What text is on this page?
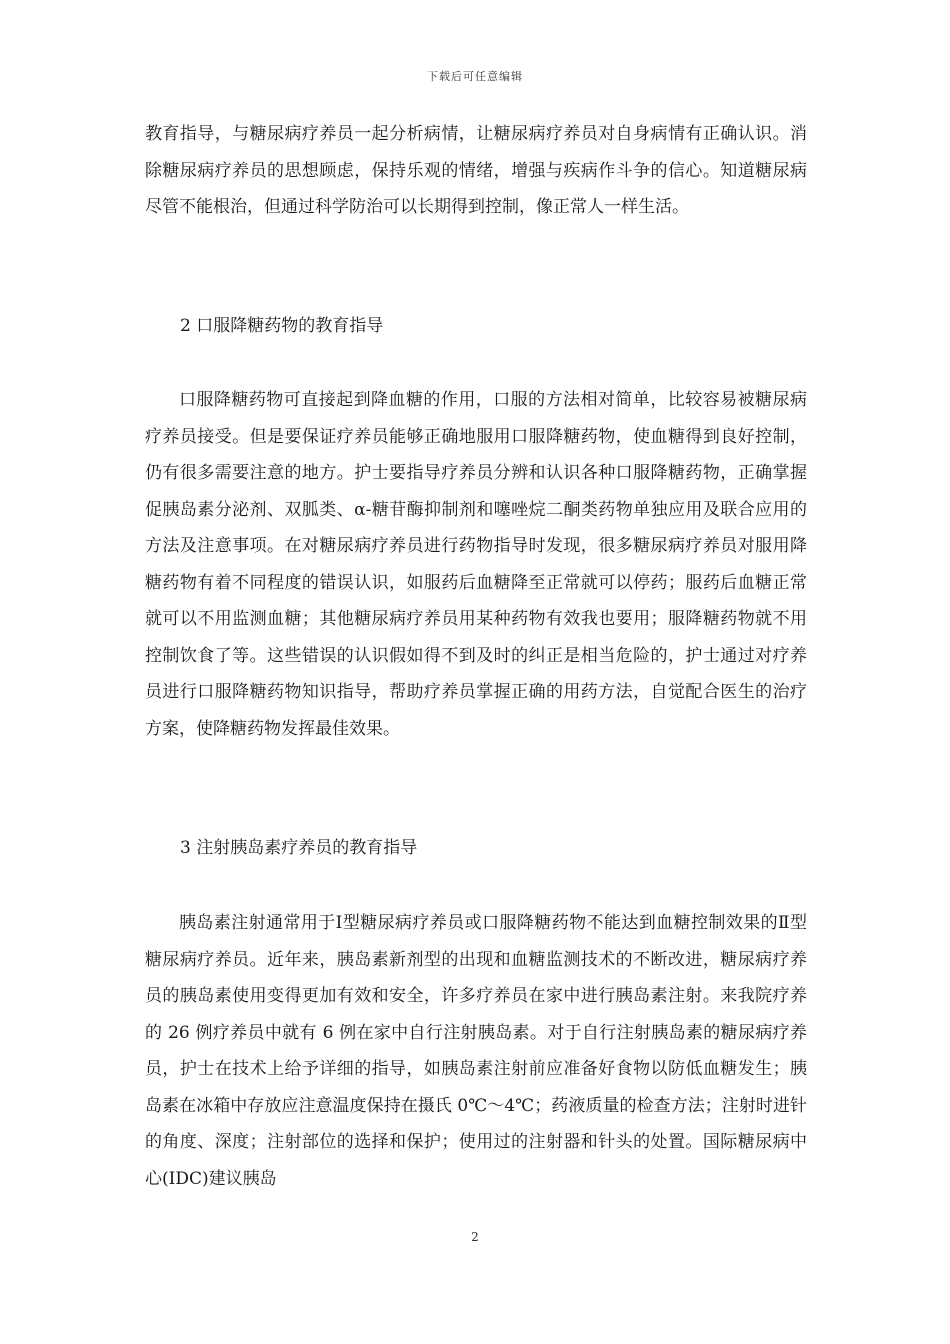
下载后可任意编辑

教育指导，与糖尿病疗养员一起分析病情，让糖尿病疗养员对自身病情有正确认识。消除糖尿病疗养员的思想顾虑，保持乐观的情绪，增强与疾病作斗争的信心。知道糖尿病尽管不能根治，但通过科学防治可以长期得到控制，像正常人一样生活。

2 口服降糖药物的教育指导

口服降糖药物可直接起到降血糖的作用，口服的方法相对简单，比较容易被糖尿病疗养员接受。但是要保证疗养员能够正确地服用口服降糖药物，使血糖得到良好控制，仍有很多需要注意的地方。护士要指导疗养员分辨和认识各种口服降糖药物，正确掌握促胰岛素分泌剂、双胍类、α-糖苷酶抑制剂和噻唑烷二酮类药物单独应用及联合应用的方法及注意事项。在对糖尿病疗养员进行药物指导时发现，很多糖尿病疗养员对服用降糖药物有着不同程度的错误认识，如服药后血糖降至正常就可以停药；服药后血糖正常就可以不用监测血糖；其他糖尿病疗养员用某种药物有效我也要用；服降糖药物就不用控制饮食了等。这些错误的认识假如得不到及时的纠正是相当危险的，护士通过对疗养员进行口服降糖药物知识指导，帮助疗养员掌握正确的用药方法，自觉配合医生的治疗方案，使降糖药物发挥最佳效果。

3 注射胰岛素疗养员的教育指导

胰岛素注射通常用于Ⅰ型糖尿病疗养员或口服降糖药物不能达到血糖控制效果的Ⅱ型糖尿病疗养员。近年来，胰岛素新剂型的出现和血糖监测技术的不断改进，糖尿病疗养员的胰岛素使用变得更加有效和安全，许多疗养员在家中进行胰岛素注射。来我院疗养的 26 例疗养员中就有 6 例在家中自行注射胰岛素。对于自行注射胰岛素的糖尿病疗养员，护士在技术上给予详细的指导，如胰岛素注射前应准备好食物以防低血糖发生；胰岛素在冰箱中存放应注意温度保持在摄氏 0℃～4℃；药液质量的检查方法；注射时进针的角度、深度；注射部位的选择和保护；使用过的注射器和针头的处置。国际糖尿病中心(IDC)建议胰岛

2
